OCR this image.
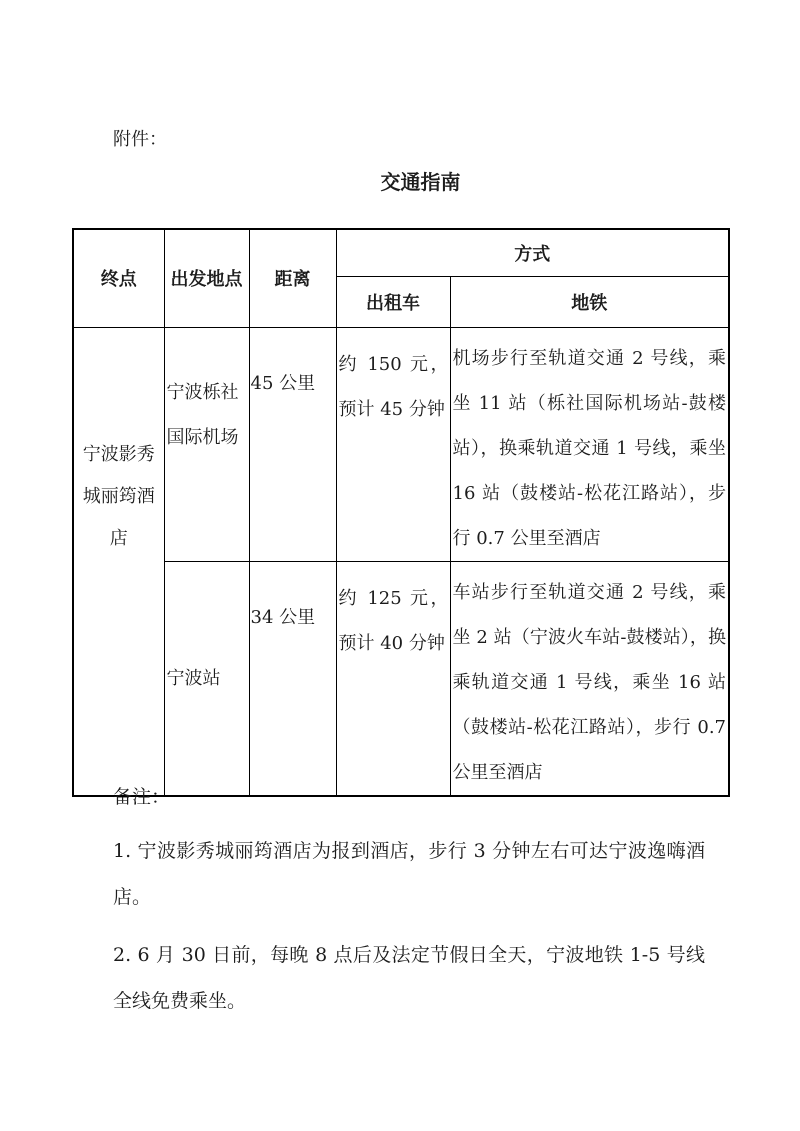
附件：
交通指南
终点	出发地点	距离	方式	
			出租车	地铁
宁波影秀城丽筠酒店	宁波栎社国际机场	45 公里	约 150 元，预计 45 分钟	机场步行至轨道交通 2 号线，乘坐 11 站（栎社国际机场站-鼓楼站），换乘轨道交通 1 号线，乘坐 16 站（鼓楼站-松花江路站），步行 0.7 公里至酒店
	宁波站	34 公里	约 125 元，预计 40 分钟	车站步行至轨道交通 2 号线，乘坐 2 站（宁波火车站-鼓楼站），换乘轨道交通 1 号线，乘坐 16 站（鼓楼站-松花江路站），步行 0.7 公里至酒店
备注：
1. 宁波影秀城丽筠酒店为报到酒店，步行 3 分钟左右可达宁波逸嗨酒店。
2. 6 月 30 日前，每晚 8 点后及法定节假日全天，宁波地铁 1-5 号线全线免费乘坐。
